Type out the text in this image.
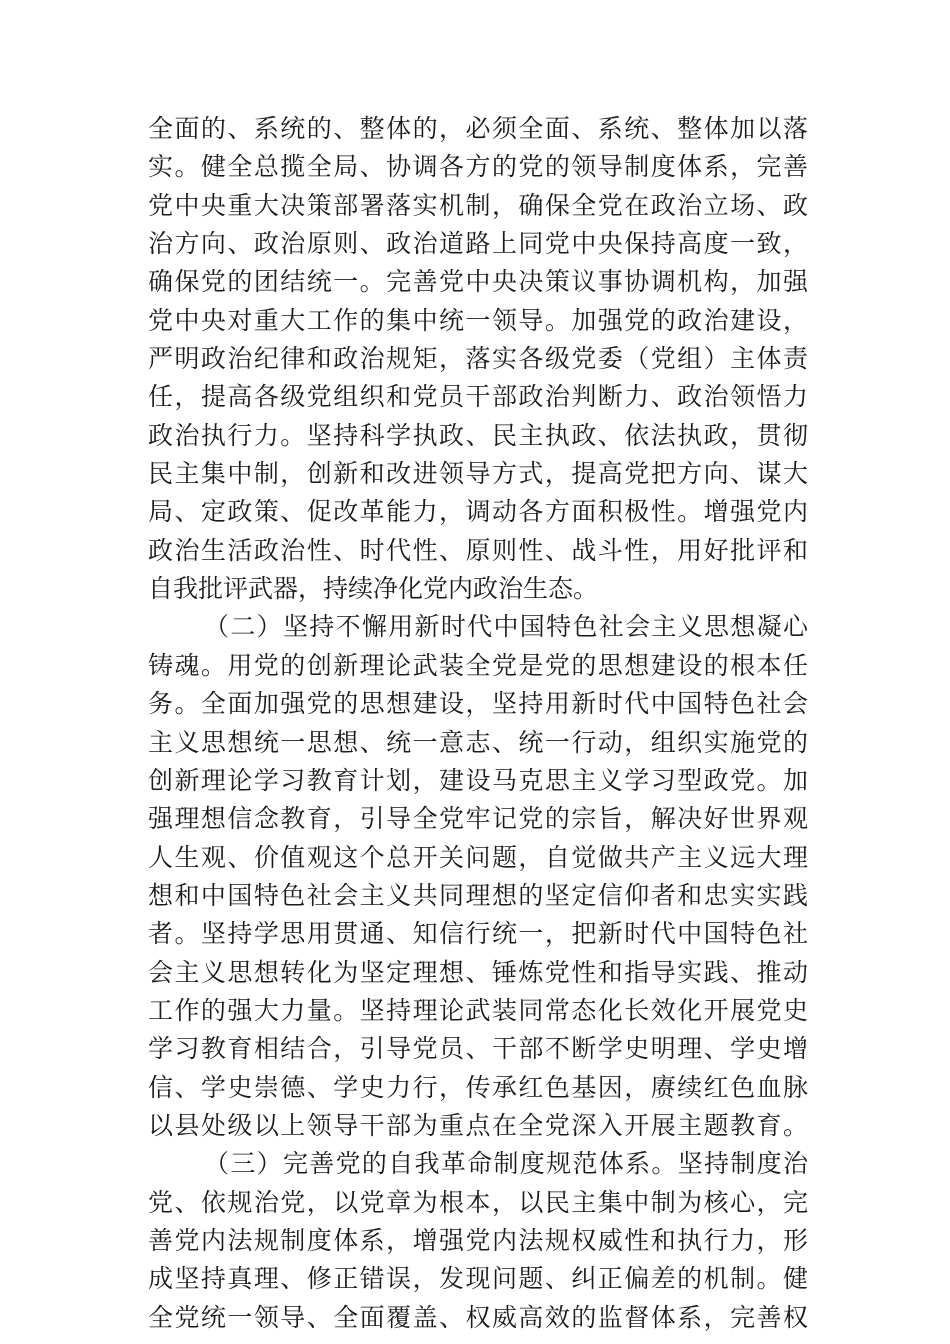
全面的、系统的、整体的，必须全面、系统、整体加以落
实。健全总揽全局、协调各方的党的领导制度体系，完善
党中央重大决策部署落实机制，确保全党在政治立场、政
治方向、政治原则、政治道路上同党中央保持高度一致，
确保党的团结统一。完善党中央决策议事协调机构，加强
党中央对重大工作的集中统一领导。加强党的政治建设，
严明政治纪律和政治规矩，落实各级党委（党组）主体责
任，提高各级党组织和党员干部政治判断力、政治领悟力
政治执行力。坚持科学执政、民主执政、依法执政，贯彻
民主集中制，创新和改进领导方式，提高党把方向、谋大
局、定政策、促改革能力，调动各方面积极性。增强党内
政治生活政治性、时代性、原则性、战斗性，用好批评和
自我批评武器，持续净化党内政治生态。
（二）坚持不懈用新时代中国特色社会主义思想凝心
铸魂。用党的创新理论武装全党是党的思想建设的根本任
务。全面加强党的思想建设，坚持用新时代中国特色社会
主义思想统一思想、统一意志、统一行动，组织实施党的
创新理论学习教育计划，建设马克思主义学习型政党。加
强理想信念教育，引导全党牢记党的宗旨，解决好世界观
人生观、价值观这个总开关问题，自觉做共产主义远大理
想和中国特色社会主义共同理想的坚定信仰者和忠实实践
者。坚持学思用贯通、知信行统一，把新时代中国特色社
会主义思想转化为坚定理想、锤炼党性和指导实践、推动
工作的强大力量。坚持理论武装同常态化长效化开展党史
学习教育相结合，引导党员、干部不断学史明理、学史增
信、学史崇德、学史力行，传承红色基因，赓续红色血脉
以县处级以上领导干部为重点在全党深入开展主题教育。
（三）完善党的自我革命制度规范体系。坚持制度治
党、依规治党，以党章为根本，以民主集中制为核心，完
善党内法规制度体系，增强党内法规权威性和执行力，形
成坚持真理、修正错误，发现问题、纠正偏差的机制。健
全党统一领导、全面覆盖、权威高效的监督体系，完善权
